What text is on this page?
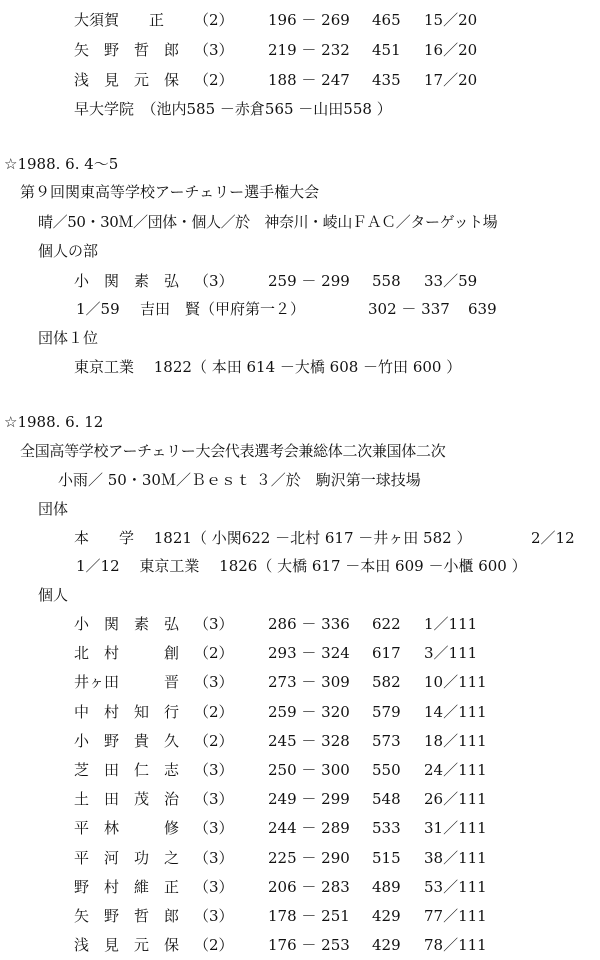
大須賀　　正 （2） 196 － 269 465 15／20
矢　野　哲　郎 （3） 219 － 232 451 16／20
浅　見　元　保 （2） 188 － 247 435 17／20
早大学院　（池内585 －赤倉565 －山田558 ）
☆1988. 6. 4～5
第９回関東高等学校アーチェリー選手権大会
晴／50・30Ｍ／団体・個人／於　神奈川・崚山ＦＡＣ／ターゲット場
個人の部
小　関　素　弘 （3） 259 － 299 558 33／59
1／59 吉田　賢（甲府第一２）	302 － 337 639
団体１位
東京工業　 1822（ 本田 614 －大橋 608 －竹田 600 ）
☆1988. 6. 12
全国高等学校アーチェリー大会代表選考会兼総体二次兼国体二次
小雨／ 50・30Ｍ／Ｂｅｓｔ ３／於　駒沢第一球技場
団体
本　　学　 1821（ 小関622 －北村 617 －井ヶ田 582 ）	2／12
1／12　 東京工業　 1826（ 大橋 617 －本田 609 －小櫃 600 ）
個人
小　関　素　弘 （3） 286 － 336 622 1／111
北　村　　　創 （2） 293 － 324 617 3／111
井ヶ田　　　晋 （3） 273 － 309 582 10／111
中　村　知　行 （2） 259 － 320 579 14／111
小　野　貴　久 （2） 245 － 328 573 18／111
芝　田　仁　志 （3） 250 － 300 550 24／111
土　田　茂　治 （3） 249 － 299 548 26／111
平　林　　　修 （3） 244 － 289 533 31／111
平　河　功　之 （3） 225 － 290 515 38／111
野　村　維　正 （3） 206 － 283 489 53／111
矢　野　哲　郎 （3） 178 － 251 429 77／111
浅　見　元　保 （2） 176 － 253 429 78／111
